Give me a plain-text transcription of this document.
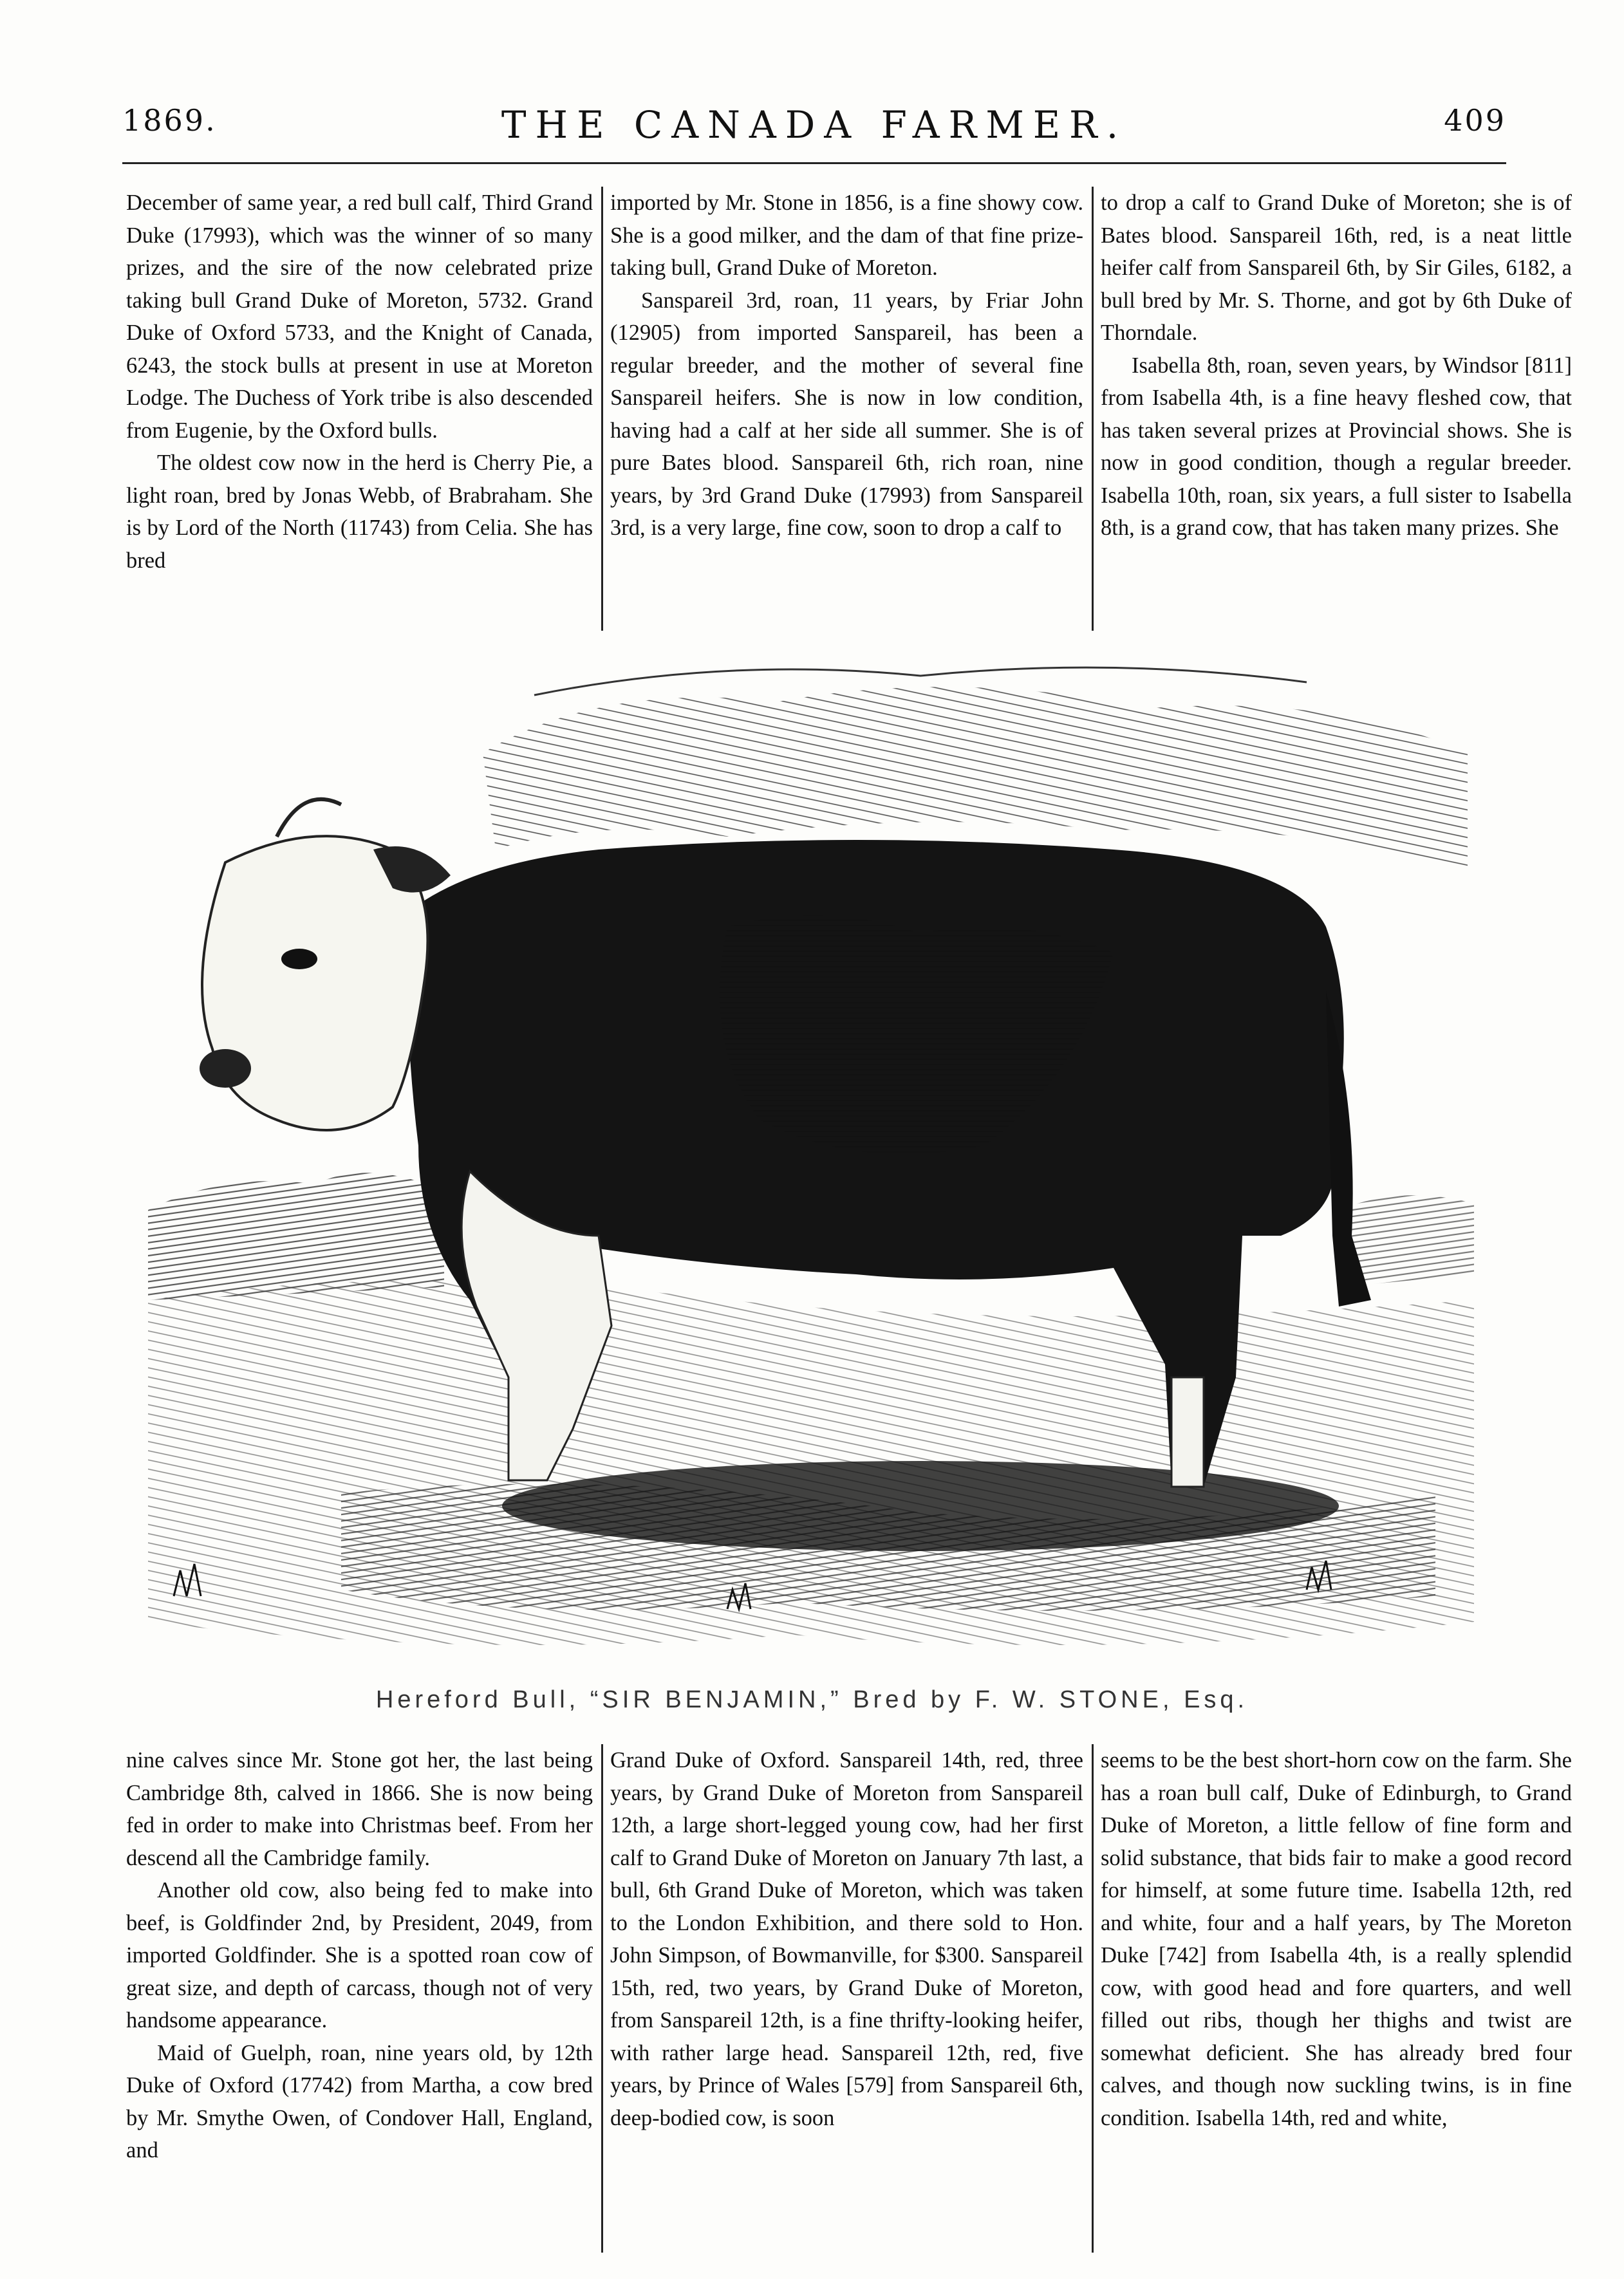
1869.	THE CANADA FARMER.	409

December of same year, a red bull calf, Third Grand Duke (17993), which was the winner of so many prizes, and the sire of the now celebrated prize taking bull Grand Duke of Moreton, 5732. Grand Duke of Oxford 5733, and the Knight of Canada, 6243, the stock bulls at present in use at Moreton Lodge. The Duchess of York tribe is also descended from Eugenie, by the Oxford bulls.

The oldest cow now in the herd is Cherry Pie, a light roan, bred by Jonas Webb, of Brabraham. She is by Lord of the North (11743) from Celia. She has bred

imported by Mr. Stone in 1856, is a fine showy cow. She is a good milker, and the dam of that fine prize-taking bull, Grand Duke of Moreton.

Sanspareil 3rd, roan, 11 years, by Friar John (12905) from imported Sanspareil, has been a regular breeder, and the mother of several fine Sanspareil heifers. She is now in low condition, having had a calf at her side all summer. She is of pure Bates blood. Sanspareil 6th, rich roan, nine years, by 3rd Grand Duke (17993) from Sanspareil 3rd, is a very large, fine cow, soon to drop a calf to

to drop a calf to Grand Duke of Moreton; she is of Bates blood. Sanspareil 16th, red, is a neat little heifer calf from Sanspareil 6th, by Sir Giles, 6182, a bull bred by Mr. S. Thorne, and got by 6th Duke of Thorndale.

Isabella 8th, roan, seven years, by Windsor [811] from Isabella 4th, is a fine heavy fleshed cow, that has taken several prizes at Provincial shows. She is now in good condition, though a regular breeder. Isabella 10th, roan, six years, a full sister to Isabella 8th, is a grand cow, that has taken many prizes. She

Hereford Bull, “SIR BENJAMIN,” Bred by F. W. STONE, Esq.

nine calves since Mr. Stone got her, the last being Cambridge 8th, calved in 1866. She is now being fed in order to make into Christmas beef. From her descend all the Cambridge family.

Another old cow, also being fed to make into beef, is Goldfinder 2nd, by President, 2049, from imported Goldfinder. She is a spotted roan cow of great size, and depth of carcass, though not of very handsome appearance.

Maid of Guelph, roan, nine years old, by 12th Duke of Oxford (17742) from Martha, a cow bred by Mr. Smythe Owen, of Condover Hall, England, and

Grand Duke of Oxford. Sanspareil 14th, red, three years, by Grand Duke of Moreton from Sanspareil 12th, a large short-legged young cow, had her first calf to Grand Duke of Moreton on January 7th last, a bull, 6th Grand Duke of Moreton, which was taken to the London Exhibition, and there sold to Hon. John Simpson, of Bowmanville, for $300. Sanspareil 15th, red, two years, by Grand Duke of Moreton, from Sanspareil 12th, is a fine thrifty-looking heifer, with rather large head. Sanspareil 12th, red, five years, by Prince of Wales [579] from Sanspareil 6th, deep-bodied cow, is soon

seems to be the best short-horn cow on the farm. She has a roan bull calf, Duke of Edinburgh, to Grand Duke of Moreton, a little fellow of fine form and solid substance, that bids fair to make a good record for himself, at some future time. Isabella 12th, red and white, four and a half years, by The Moreton Duke [742] from Isabella 4th, is a really splendid cow, with good head and fore quarters, and well filled out ribs, though her thighs and twist are somewhat deficient. She has already bred four calves, and though now suckling twins, is in fine condition. Isabella 14th, red and white,
